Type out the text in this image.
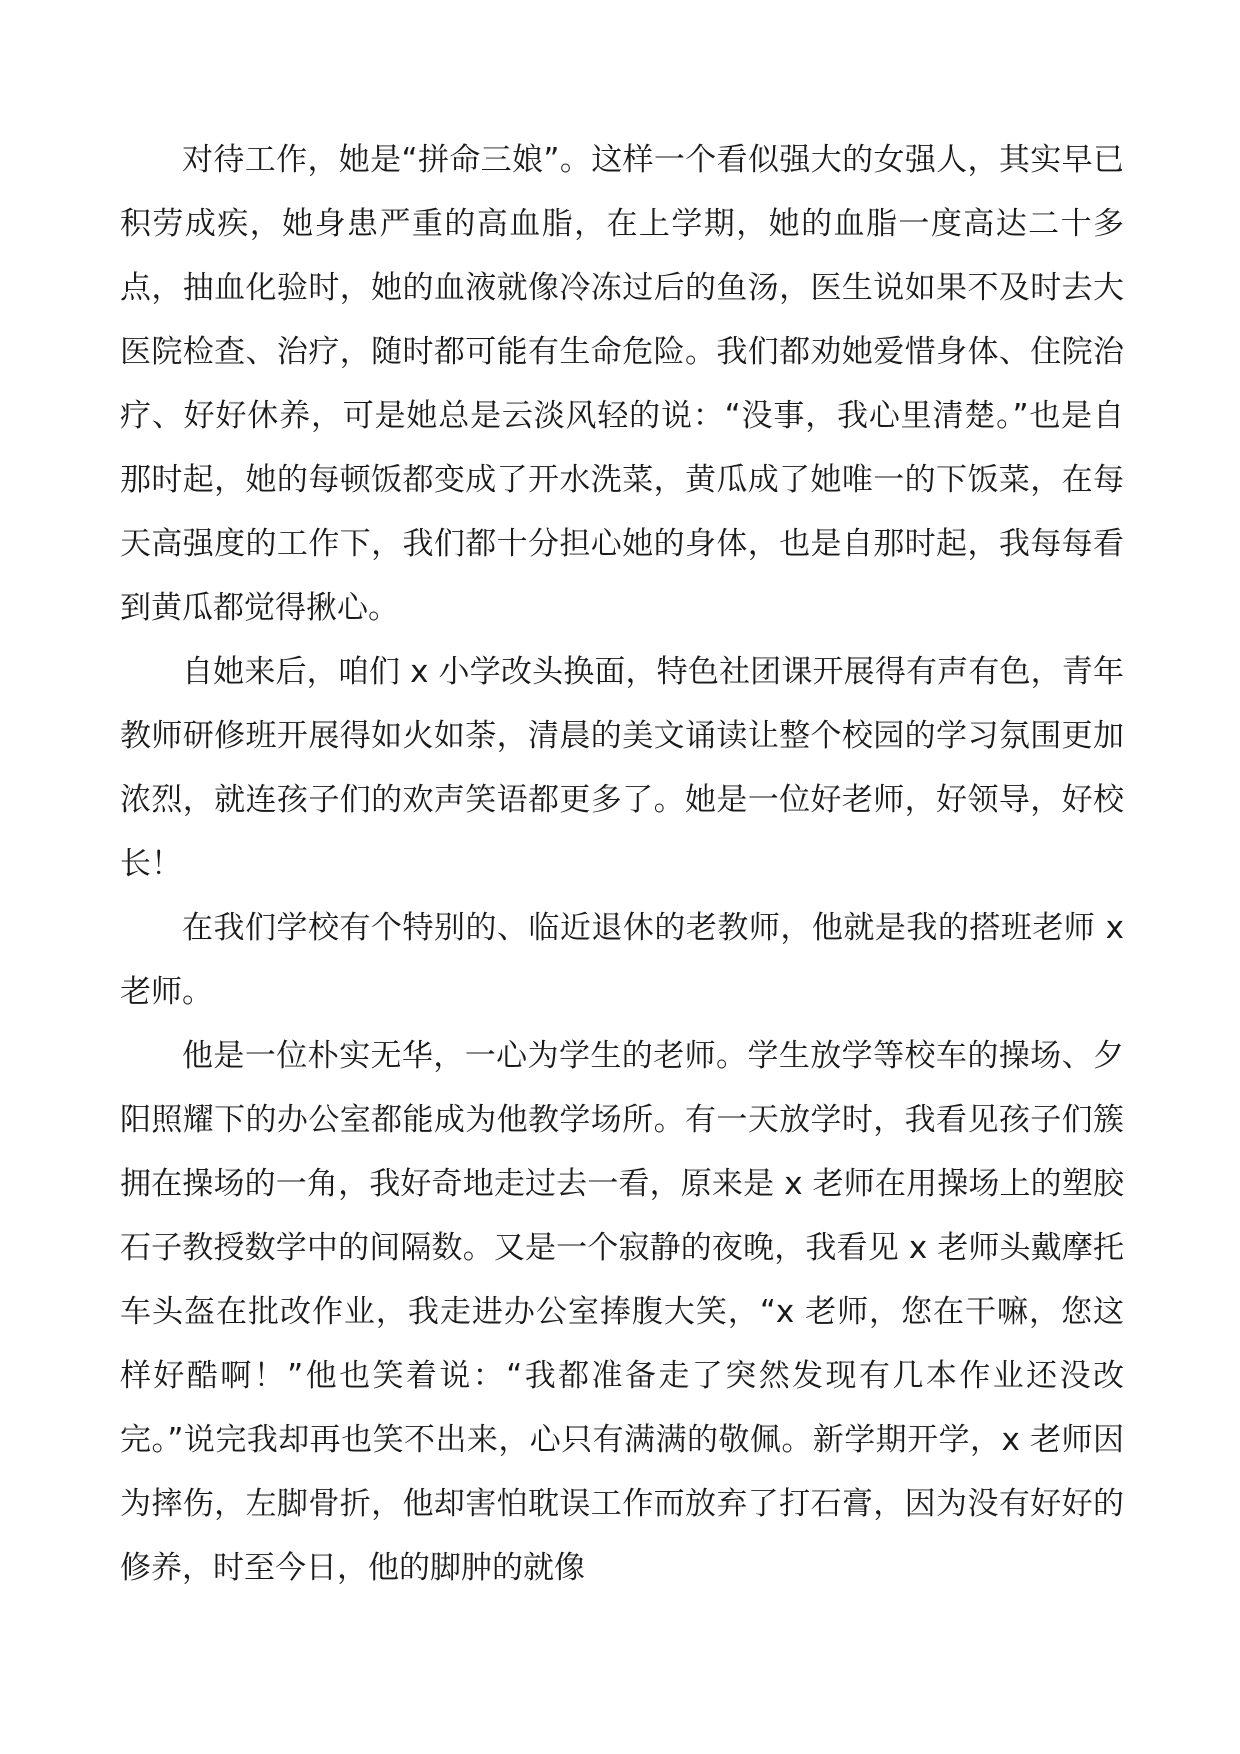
对待工作，她是“拼命三娘”。这样一个看似强大的女强人，其实早已积劳成疾，她身患严重的高血脂，在上学期，她的血脂一度高达二十多点，抽血化验时，她的血液就像冷冻过后的鱼汤，医生说如果不及时去大医院检查、治疗，随时都可能有生命危险。我们都劝她爱惜身体、住院治疗、好好休养，可是她总是云淡风轻的说：“没事，我心里清楚。”也是自那时起，她的每顿饭都变成了开水洗菜，黄瓜成了她唯一的下饭菜，在每天高强度的工作下，我们都十分担心她的身体，也是自那时起，我每每看到黄瓜都觉得揪心。

自她来后，咱们 x 小学改头换面，特色社团课开展得有声有色，青年教师研修班开展得如火如荼，清晨的美文诵读让整个校园的学习氛围更加浓烈，就连孩子们的欢声笑语都更多了。她是一位好老师，好领导，好校长！

在我们学校有个特别的、临近退休的老教师，他就是我的搭班老师 x 老师。

他是一位朴实无华，一心为学生的老师。学生放学等校车的操场、夕阳照耀下的办公室都能成为他教学场所。有一天放学时，我看见孩子们簇拥在操场的一角，我好奇地走过去一看，原来是 x 老师在用操场上的塑胶石子教授数学中的间隔数。又是一个寂静的夜晚，我看见 x 老师头戴摩托车头盔在批改作业，我走进办公室捧腹大笑，“x 老师，您在干嘛，您这样好酷啊！”他也笑着说：“我都准备走了突然发现有几本作业还没改完。”说完我却再也笑不出来，心只有满满的敬佩。新学期开学，x 老师因为摔伤，左脚骨折，他却害怕耽误工作而放弃了打石膏，因为没有好好的修养，时至今日，他的脚肿的就像
